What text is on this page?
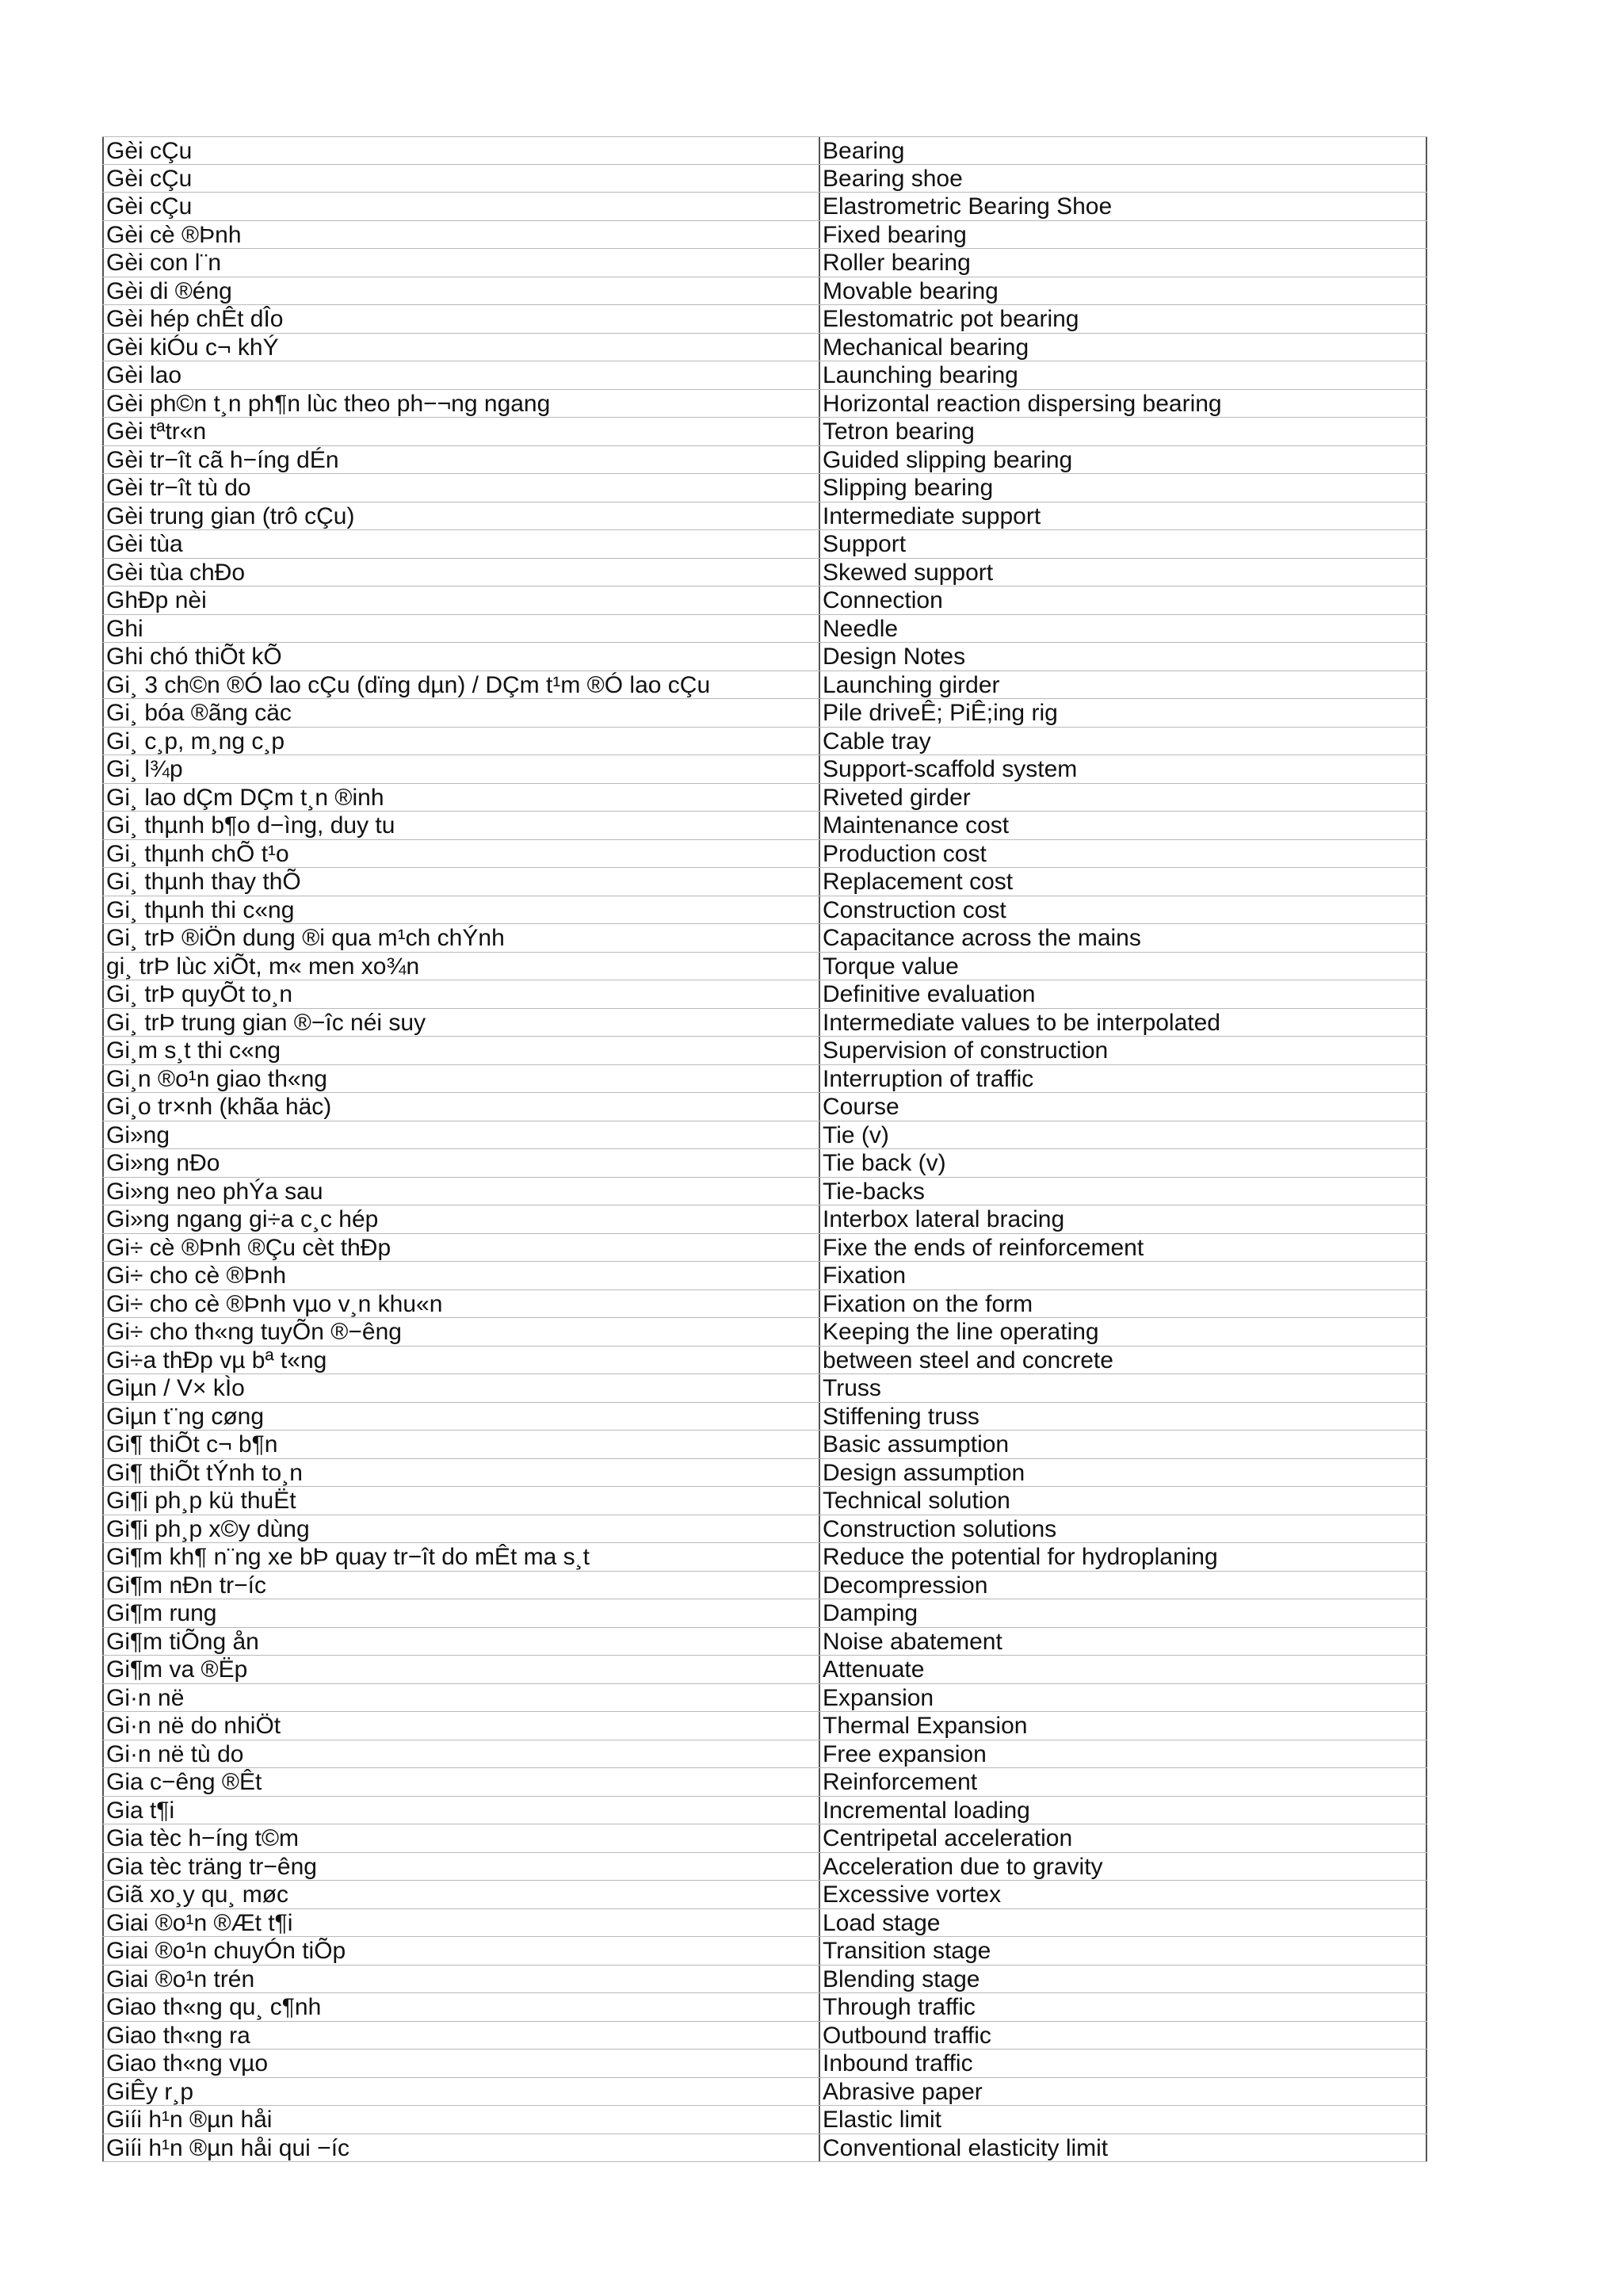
Gèi cÇu	Bearing
Gèi cÇu	Bearing shoe
Gèi cÇu	Elastrometric Bearing Shoe
Gèi cè ®Þnh	Fixed bearing
Gèi con l¨n	Roller bearing
Gèi di ®éng	Movable bearing
Gèi hép chÊt dÎo	Elestomatric pot bearing
Gèi kiÓu c¬ khÝ	Mechanical bearing
Gèi lao	Launching bearing
Gèi ph©n t¸n ph¶n lùc theo ph−¬ng ngang	Horizontal reaction dispersing bearing
Gèi tªtr«n	Tetron bearing
Gèi tr−ît cã h−íng dÉn	Guided slipping bearing
Gèi tr−ît tù do	Slipping bearing
Gèi trung gian (trô cÇu)	Intermediate support
Gèi tùa	Support
Gèi tùa chÐo	Skewed support
GhÐp nèi	Connection
Ghi	Needle
Ghi chó thiÕt kÕ	Design Notes
Gi¸ 3 ch©n ®Ó lao cÇu (dïng dµn) / DÇm t¹m ®Ó lao cÇu	Launching girder
Gi¸ bóa ®ãng cäc	Pile driveÊ; PiÊ;ing rig
Gi¸ c¸p, m¸ng c¸p	Cable tray
Gi¸ l¾p	Support-scaffold system
Gi¸ lao dÇm DÇm t¸n ®inh	Riveted girder
Gi¸ thµnh b¶o d−ìng, duy tu	Maintenance cost
Gi¸ thµnh chÕ t¹o	Production cost
Gi¸ thµnh thay thÕ	Replacement cost
Gi¸ thµnh thi c«ng	Construction cost
Gi¸ trÞ ®iÖn dung ®i qua m¹ch chÝnh	Capacitance across the mains
gi¸ trÞ lùc xiÕt, m« men xo¾n	Torque value
Gi¸ trÞ quyÕt to¸n	Definitive evaluation
Gi¸ trÞ trung gian ®−îc néi suy	Intermediate values to be interpolated
Gi¸m s¸t thi c«ng	Supervision of construction
Gi¸n ®o¹n giao th«ng	Interruption of traffic
Gi¸o tr×nh (khãa häc)	Course
Gi»ng	Tie (v)
Gi»ng nÐo	Tie back (v)
Gi»ng neo phÝa sau	Tie-backs
Gi»ng ngang gi÷a c¸c hép	Interbox lateral bracing
Gi÷ cè ®Þnh ®Çu cèt thÐp	Fixe the ends of reinforcement
Gi÷ cho cè ®Þnh	Fixation
Gi÷ cho cè ®Þnh vµo v¸n khu«n	Fixation on the form
Gi÷ cho th«ng tuyÕn ®−êng	Keeping the line operating
Gi÷a thÐp vµ bª t«ng	between steel and concrete
Giµn / V× kÌo	Truss
Giµn t¨ng cøng	Stiffening truss
Gi¶ thiÕt c¬ b¶n	Basic assumption
Gi¶ thiÕt tÝnh to¸n	Design assumption
Gi¶i ph¸p kü thuËt	Technical solution
Gi¶i ph¸p x©y dùng	Construction solutions
Gi¶m kh¶ n¨ng xe bÞ quay tr−ît do mÊt ma s¸t	Reduce the potential for hydroplaning
Gi¶m nÐn tr−íc	Decompression
Gi¶m rung	Damping
Gi¶m tiÕng ån	Noise abatement
Gi¶m va ®Ëp	Attenuate
Gi·n në	Expansion
Gi·n në do nhiÖt	Thermal Expansion
Gi·n në tù do	Free expansion
Gia c−êng ®Êt	Reinforcement
Gia t¶i	Incremental loading
Gia tèc h−íng t©m	Centripetal acceleration
Gia tèc träng tr−êng	Acceleration due to gravity
Giã xo¸y qu¸ møc	Excessive vortex
Giai ®o¹n ®Æt t¶i	Load stage
Giai ®o¹n chuyÓn tiÕp	Transition stage
Giai ®o¹n trén	Blending stage
Giao th«ng qu¸ c¶nh	Through traffic
Giao th«ng ra	Outbound traffic
Giao th«ng vµo	Inbound traffic
GiÊy r¸p	Abrasive paper
Giíi h¹n ®µn håi	Elastic limit
Giíi h¹n ®µn håi qui −íc	Conventional elasticity limit
